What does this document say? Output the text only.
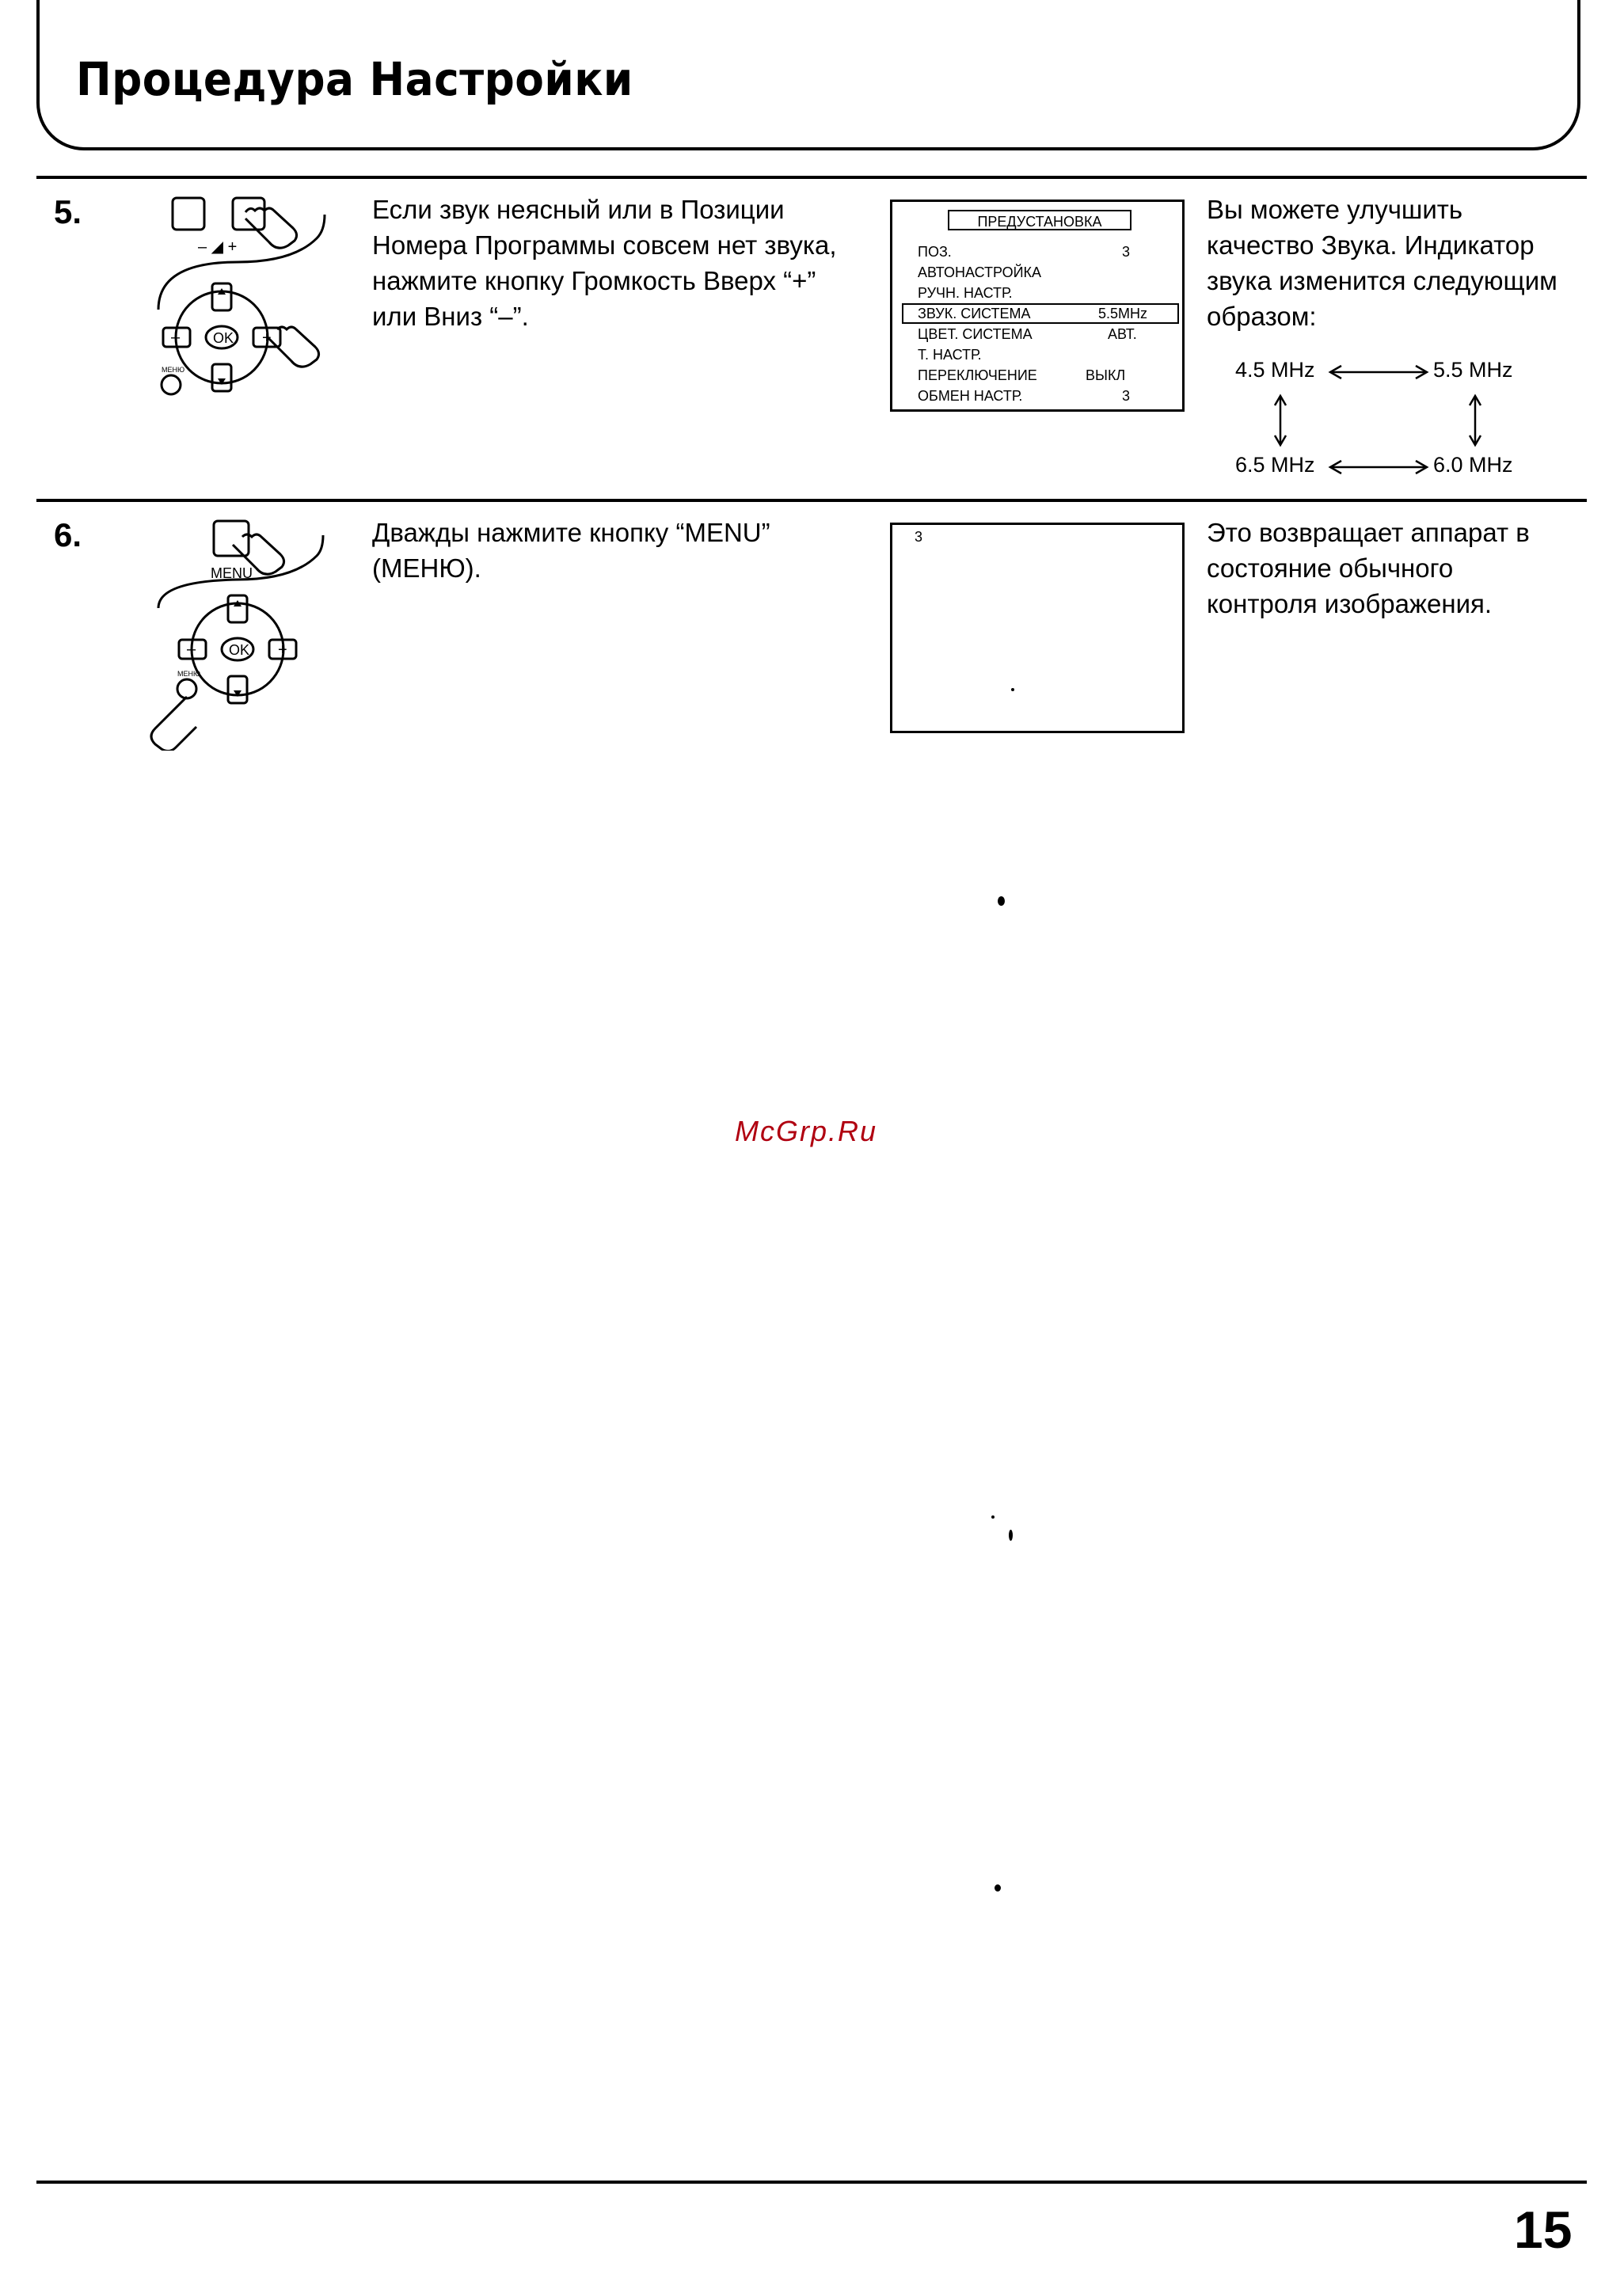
Процедура Настройки
5.
– ◢ +
OK
–	+
МЕНЮ
Если звук неясный или в Позиции Номера Программы совсем нет звука, нажмите кнопку Громкость Вверх “+” или Вниз “–”.
ПРЕДУСТАНОВКА
ПОЗ.	3
АВТОНАСТРОЙКА
РУЧН. НАСТР.
ЗВУК. СИСТЕМА	5.5MHz
ЦВЕТ. СИСТЕМА	АВТ.
Т. НАСТР.
ПЕРЕКЛЮЧЕНИЕ	ВЫКЛ
ОБМЕН НАСТР.	3
Вы можете улучшить качество Звука. Индикатор звука изменится следующим образом:
4.5 MHz	5.5 MHz
6.5 MHz	6.0 MHz
6.
MENU
OK
–	+
МЕНЮ
Дважды нажмите кнопку “MENU” (МЕНЮ).
3	Это возвращает аппарат в состояние обычного контроля изображения.
McGrp.Ru
15
